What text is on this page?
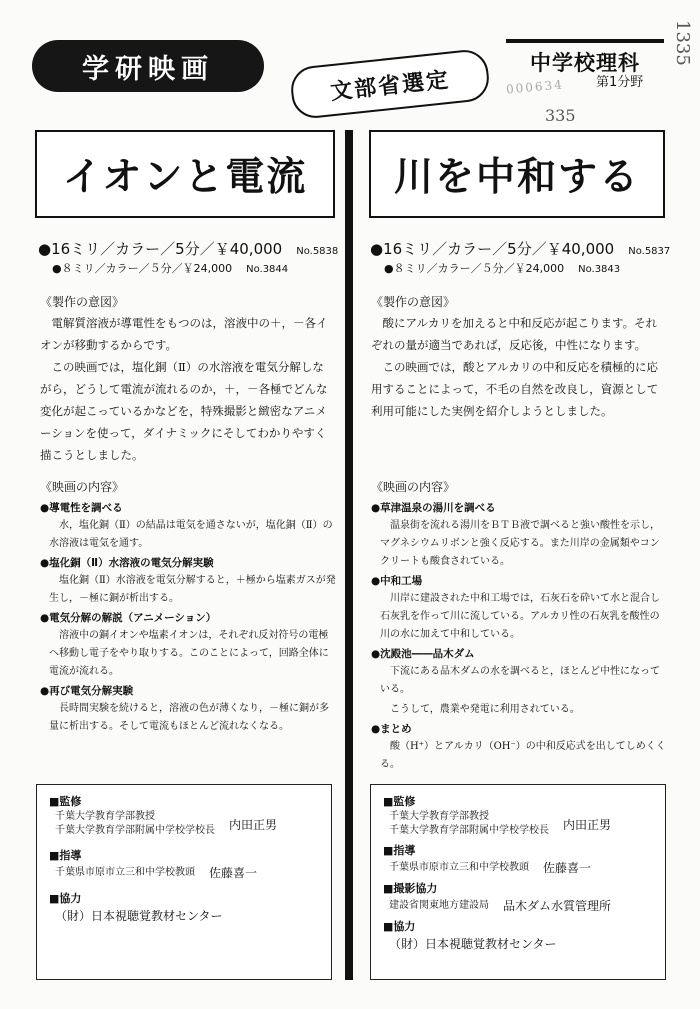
学研映画	文部省選定
中学校理科
第1分野
1335
000634
335
イオンと電流
●16ミリ／カラー／5分／￥40,000 No.5838
●８ミリ／カラー／５分／￥24,000 No.3844
《製作の意図》
電解質溶液が導電性をもつのは，溶液中の＋，－各イオンが移動するからです。
この映画では，塩化銅（Ⅱ）の水溶液を電気分解しながら，どうして電流が流れるのか，＋，－各極でどんな変化が起こっているかなどを，特殊撮影と緻密なアニメーションを使って，ダイナミックにそしてわかりやすく描こうとしました。
《映画の内容》
●導電性を調べる
水，塩化銅（Ⅱ）の結晶は電気を通さないが，塩化銅（Ⅱ）の水溶液は電気を通す。
●塩化銅（Ⅱ）水溶液の電気分解実験
塩化銅（Ⅱ）水溶液を電気分解すると，＋極から塩素ガスが発生し，－極に銅が析出する。
●電気分解の解説（アニメーション）
溶液中の銅イオンや塩素イオンは，それぞれ反対符号の電極へ移動し電子をやり取りする。このことによって，回路全体に電流が流れる。
●再び電気分解実験
長時間実験を続けると，溶液の色が薄くなり，－極に銅が多量に析出する。そして電流もほとんど流れなくなる。
■監修
千葉大学教育学部教授
千葉大学教育学部附属中学校学校長 内田正男
■指導
千葉県市原市立三和中学校教頭 佐藤喜一
■協力
（財）日本視聴覚教材センター
川を中和する
●16ミリ／カラー／5分／￥40,000 No.5837
●８ミリ／カラー／５分／￥24,000 No.3843
《製作の意図》
酸にアルカリを加えると中和反応が起こります。それぞれの量が適当であれば，反応後，中性になります。
この映画では，酸とアルカリの中和反応を積極的に応用することによって，不毛の自然を改良し，資源として利用可能にした実例を紹介しようとしました。
《映画の内容》
●草津温泉の湯川を調べる
温泉街を流れる湯川をＢＴＢ液で調べると強い酸性を示し，マグネシウムリボンと強く反応する。また川岸の金属類やコンクリートも酸食されている。
●中和工場
川岸に建設された中和工場では，石灰石を砕いて水と混合し石灰乳を作って川に流している。アルカリ性の石灰乳を酸性の川の水に加えて中和している。
●沈殿池――品木ダム
下流にある品木ダムの水を調べると，ほとんど中性になっている。
こうして，農業や発電に利用されている。
●まとめ
酸（H⁺）とアルカリ（OH⁻）の中和反応式を出してしめくくる。
■監修
千葉大学教育学部教授
千葉大学教育学部附属中学校学校長 内田正男
■指導
千葉県市原市立三和中学校教頭 佐藤喜一
■撮影協力
建設省関東地方建設局 品木ダム水質管理所
■協力
（財）日本視聴覚教材センター
